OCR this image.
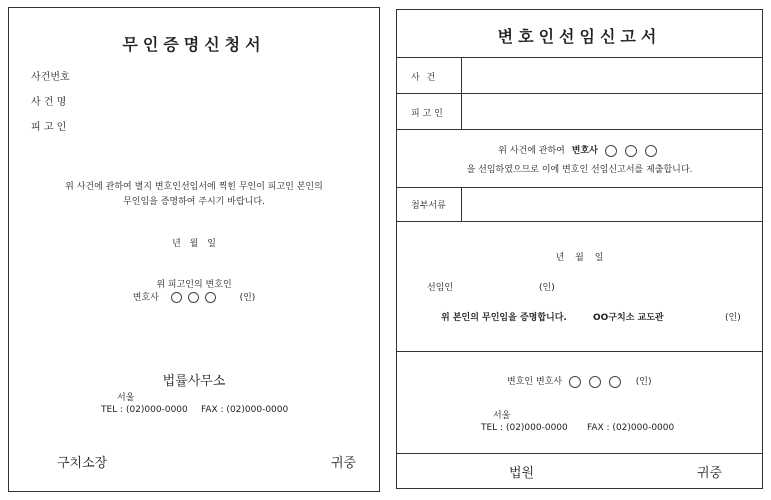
무인증명신청서
사건번호
사 건 명
피 고 인
위 사건에 관하여 별지 변호인선임서에 찍힌 무인이 피고인 본인의
무인임을 증명하여 주시기 바랍니다.
년 월 일
위 피고인의 변호인
변호사	(인)
법률사무소
서울
TEL : (02)000-0000 FAX : (02)000-0000
구치소장	귀중
변호인선임신고서
사 건
피 고 인
위 사건에 관하여 변호사
을 선임하였으므로 이에 변호인 선임신고서를 제출합니다.
첨부서류
년 월 일
선임인	(인)
위 본인의 무인임을 증명합니다.	OO구치소 교도관	(인)
변호인 변호사	(인)
서울
TEL : (02)000-0000 FAX : (02)000-0000
법원	귀중
